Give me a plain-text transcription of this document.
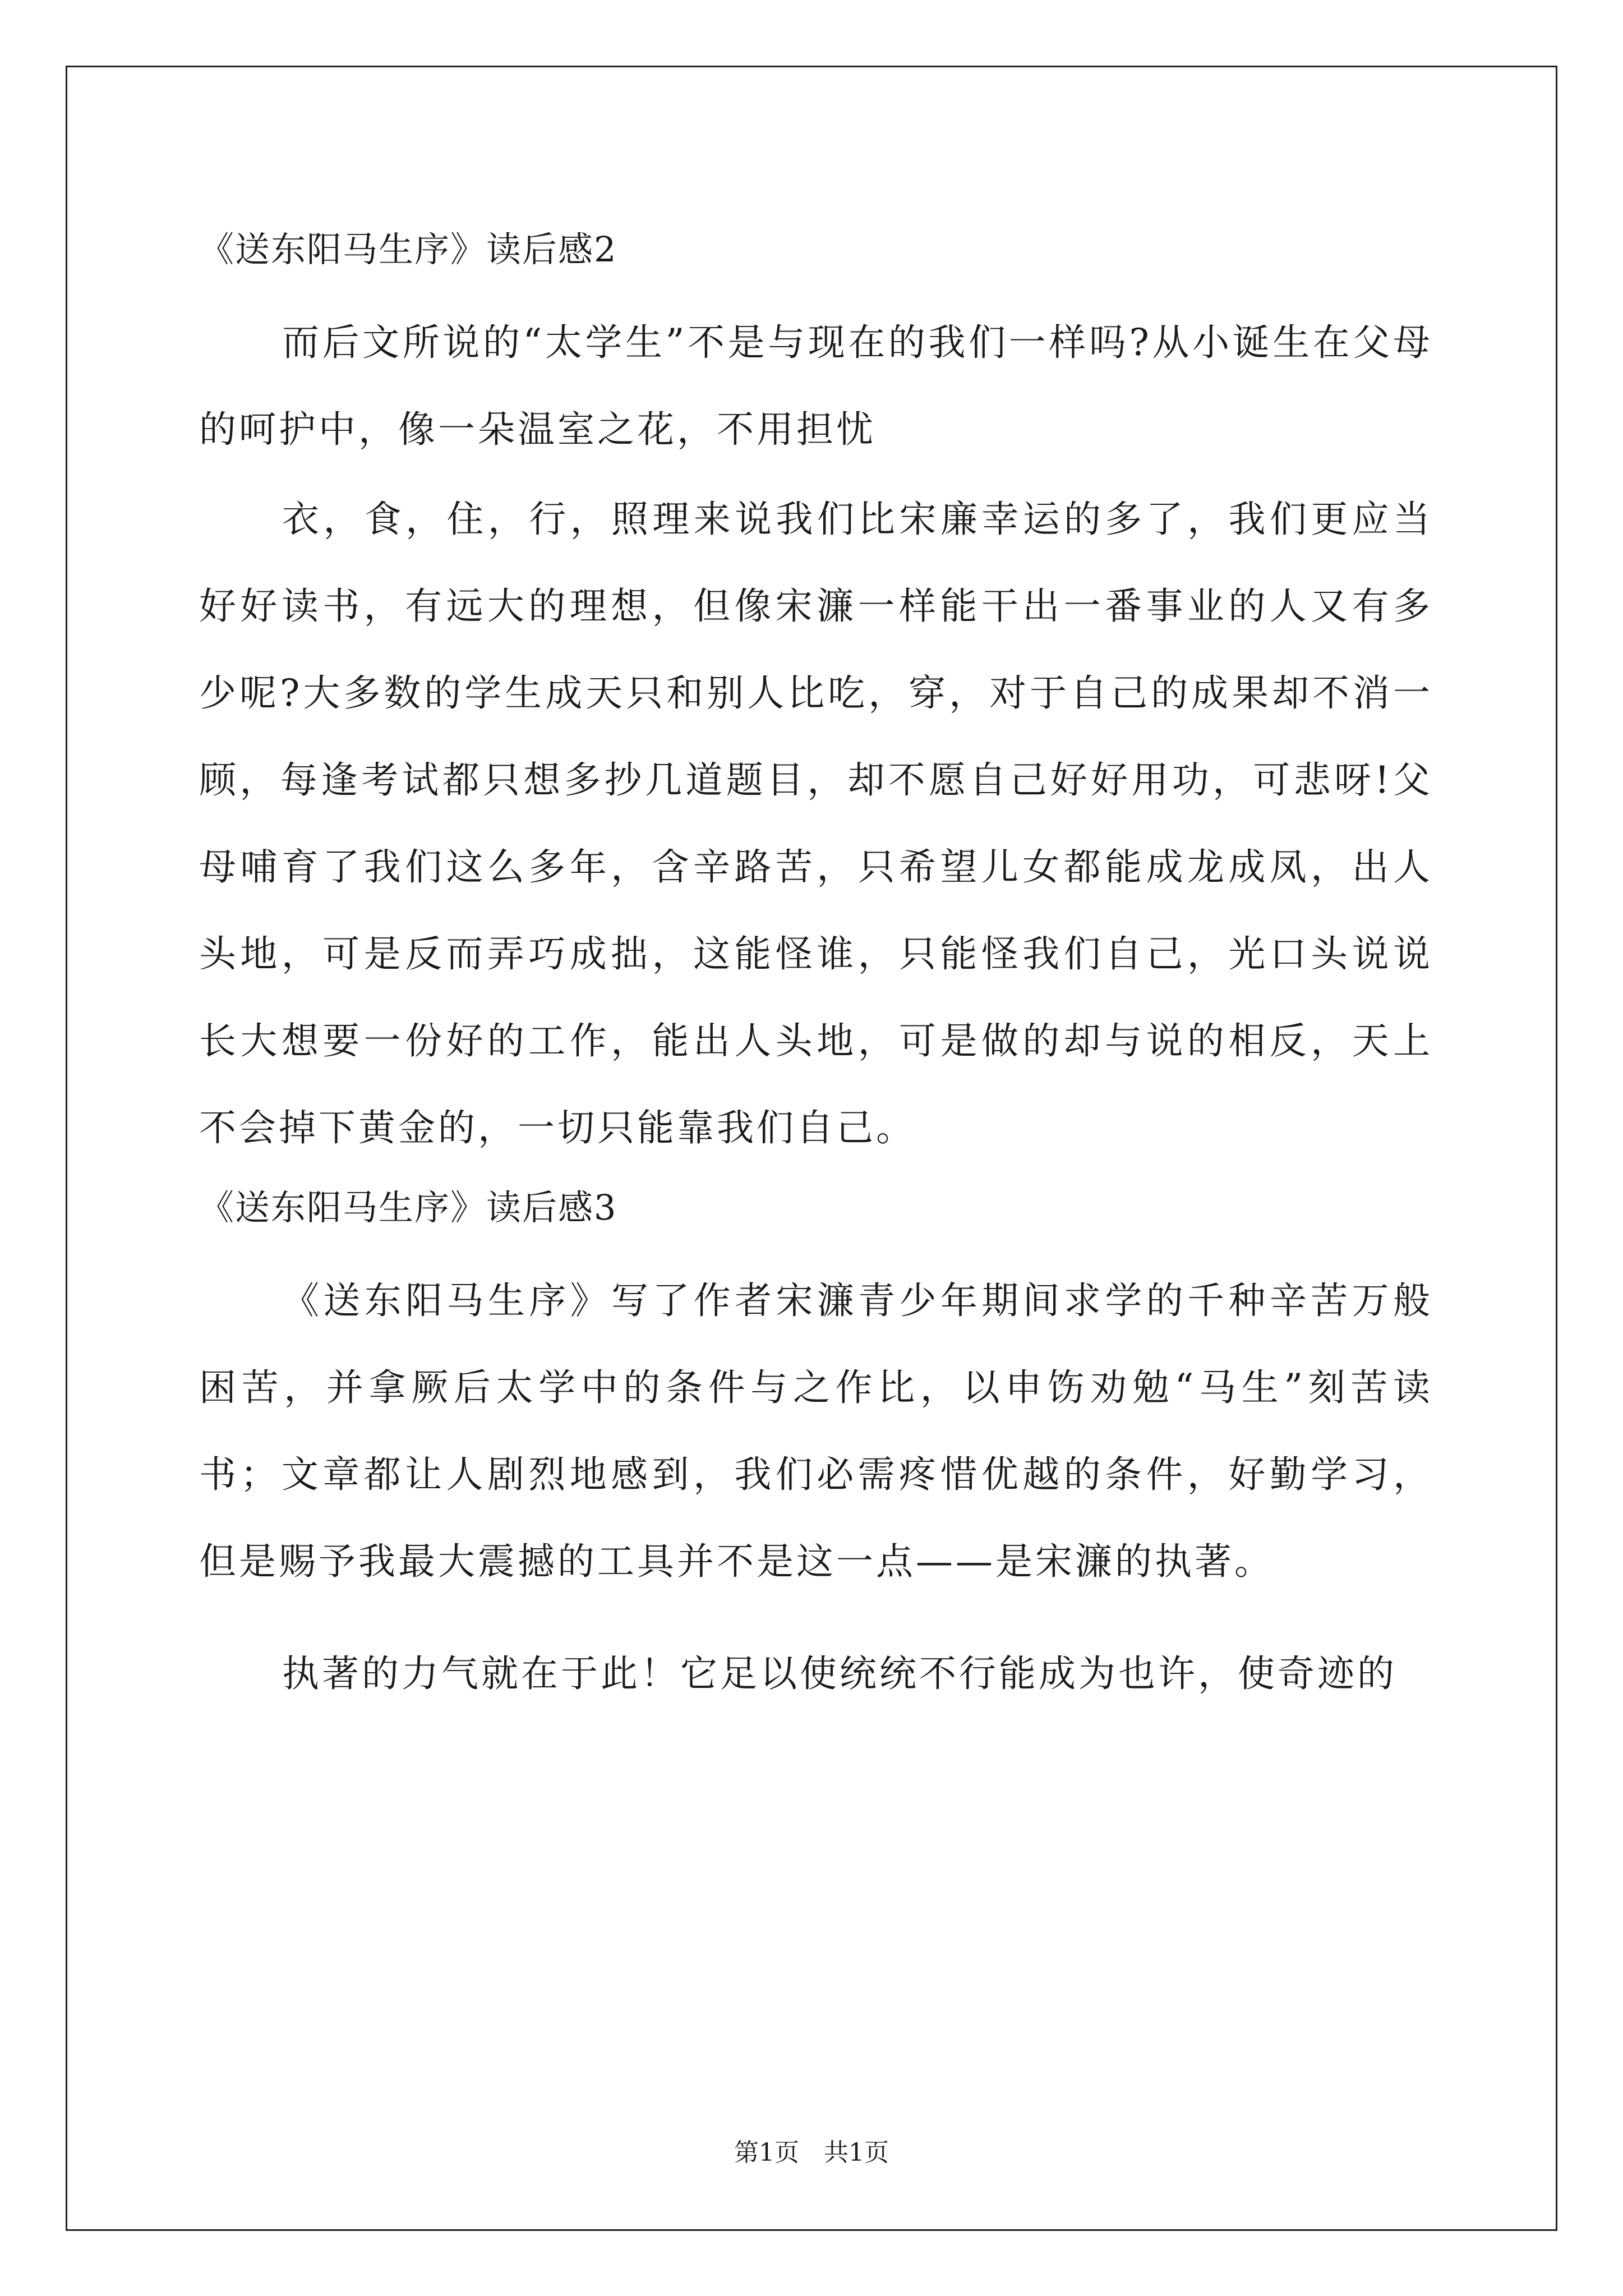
《送东阳马生序》读后感2

而后文所说的“太学生”不是与现在的我们一样吗?从小诞生在父母的呵护中，像一朵温室之花，不用担忧

衣，食，住，行，照理来说我们比宋廉幸运的多了，我们更应当好好读书，有远大的理想，但像宋濂一样能干出一番事业的人又有多少呢?大多数的学生成天只和别人比吃，穿，对于自己的成果却不消一顾，每逢考试都只想多抄几道题目，却不愿自己好好用功，可悲呀!父母哺育了我们这么多年，含辛路苦，只希望儿女都能成龙成凤，出人头地，可是反而弄巧成拙，这能怪谁，只能怪我们自己，光口头说说长大想要一份好的工作，能出人头地，可是做的却与说的相反，天上不会掉下黄金的，一切只能靠我们自己。

《送东阳马生序》读后感3

《送东阳马生序》写了作者宋濂青少年期间求学的千种辛苦万般困苦，并拿厥后太学中的条件与之作比，以申饬劝勉“马生”刻苦读书；文章都让人剧烈地感到，我们必需疼惜优越的条件，好勤学习，但是赐予我最大震撼的工具并不是这一点——是宋濂的执著。

执著的力气就在于此！它足以使统统不行能成为也许，使奇迹的

第1页　共1页
